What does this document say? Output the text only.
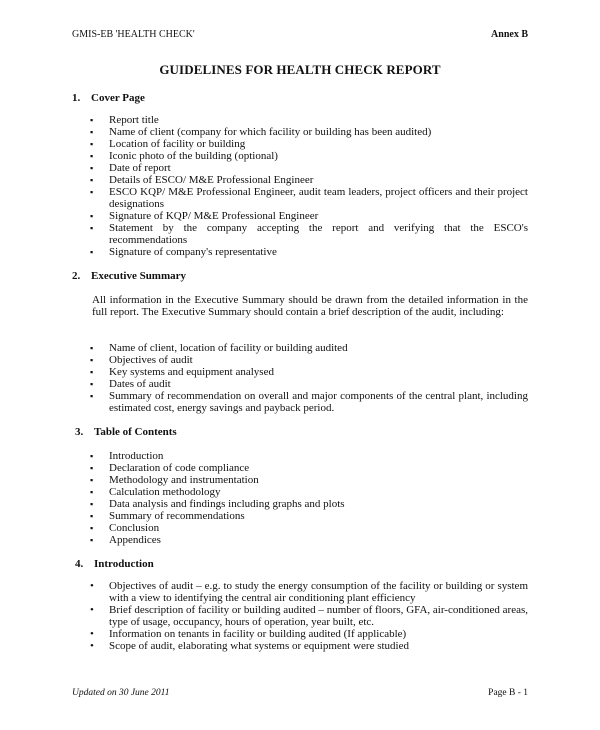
GMIS-EB 'HEALTH CHECK'	Annex B
GUIDELINES FOR HEALTH CHECK REPORT
1. Cover Page
▪ Report title
▪ Name of client (company for which facility or building has been audited)
▪ Location of facility or building
▪ Iconic photo of the building (optional)
▪ Date of report
▪ Details of ESCO/ M&E Professional Engineer
▪ ESCO KQP/ M&E Professional Engineer, audit team leaders, project officers and their project designations
▪ Signature of KQP/ M&E Professional Engineer
▪ Statement by the company accepting the report and verifying that the ESCO's recommendations
▪ Signature of company's representative
2. Executive Summary
All information in the Executive Summary should be drawn from the detailed information in the full report. The Executive Summary should contain a brief description of the audit, including:
▪ Name of client, location of facility or building audited
▪ Objectives of audit
▪ Key systems and equipment analysed
▪ Dates of audit
▪ Summary of recommendation on overall and major components of the central plant, including estimated cost, energy savings and payback period.
3. Table of Contents
▪ Introduction
▪ Declaration of code compliance
▪ Methodology and instrumentation
▪ Calculation methodology
▪ Data analysis and findings including graphs and plots
▪ Summary of recommendations
▪ Conclusion
▪ Appendices
4. Introduction
• Objectives of audit – e.g. to study the energy consumption of the facility or building or system with a view to identifying the central air conditioning plant efficiency
• Brief description of facility or building audited – number of floors, GFA, air-conditioned areas, type of usage, occupancy, hours of operation, year built, etc.
• Information on tenants in facility or building audited (If applicable)
• Scope of audit, elaborating what systems or equipment were studied
Updated on 30 June 2011	Page B - 1
